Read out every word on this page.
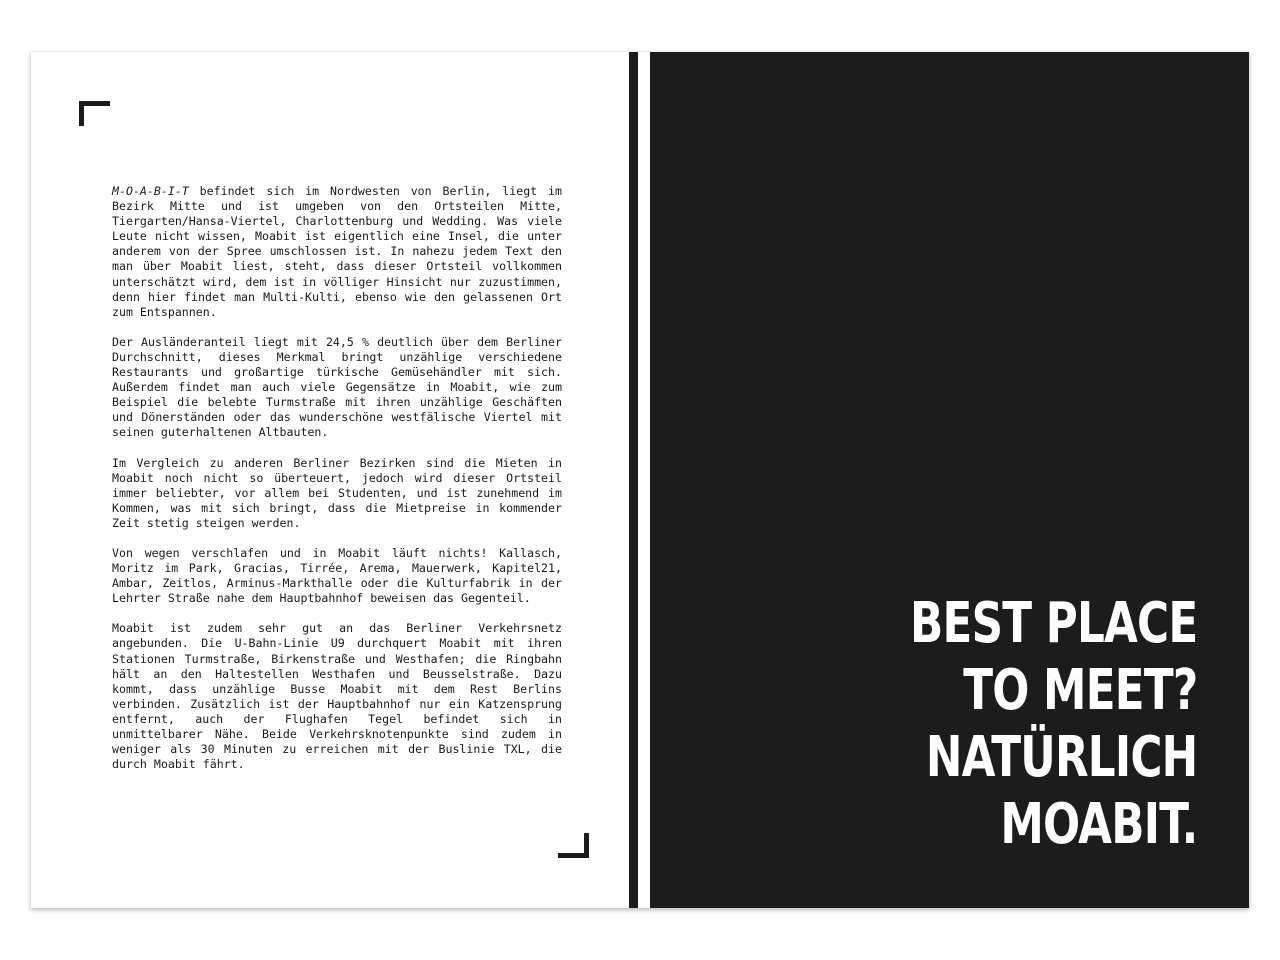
M-O-A-B-I-T befindet sich im Nordwesten von Berlin, liegt im Bezirk Mitte und ist umgeben von den Ortsteilen Mitte, Tiergarten/Hansa-Viertel, Charlottenburg und Wedding. Was viele Leute nicht wissen, Moabit ist eigentlich eine Insel, die unter anderem von der Spree umschlossen ist. In nahezu jedem Text den man über Moabit liest, steht, dass dieser Ortsteil vollkommen unterschätzt wird, dem ist in völliger Hinsicht nur zuzustimmen, denn hier findet man Multi-Kulti, ebenso wie den gelassenen Ort zum Entspannen.

Der Ausländeranteil liegt mit 24,5 % deutlich über dem Berliner Durchschnitt, dieses Merkmal bringt unzählige verschiedene Restaurants und großartige türkische Gemüsehändler mit sich. Außerdem findet man auch viele Gegensätze in Moabit, wie zum Beispiel die belebte Turmstraße mit ihren unzählige Geschäften und Dönerständen oder das wunderschöne westfälische Viertel mit seinen guterhaltenen Altbauten.

Im Vergleich zu anderen Berliner Bezirken sind die Mieten in Moabit noch nicht so überteuert, jedoch wird dieser Ortsteil immer beliebter, vor allem bei Studenten, und ist zunehmend im Kommen, was mit sich bringt, dass die Mietpreise in kommender Zeit stetig steigen werden.

Von wegen verschlafen und in Moabit läuft nichts! Kallasch, Moritz im Park, Gracias, Tirrée, Arema, Mauerwerk, Kapitel21, Ambar, Zeitlos, Arminus-Markthalle oder die Kulturfabrik in der Lehrter Straße nahe dem Hauptbahnhof beweisen das Gegenteil.

Moabit ist zudem sehr gut an das Berliner Verkehrsnetz angebunden. Die U-Bahn-Linie U9 durchquert Moabit mit ihren Stationen Turmstraße, Birkenstraße und Westhafen; die Ringbahn hält an den Haltestellen Westhafen und Beusselstraße. Dazu kommt, dass unzählige Busse Moabit mit dem Rest Berlins verbinden. Zusätzlich ist der Hauptbahnhof nur ein Katzensprung entfernt, auch der Flughafen Tegel befindet sich in unmittelbarer Nähe. Beide Verkehrsknotenpunkte sind zudem in weniger als 30 Minuten zu erreichen mit der Buslinie TXL, die durch Moabit fährt.

BEST PLACE
TO MEET?
NATÜRLICH
MOABIT.
